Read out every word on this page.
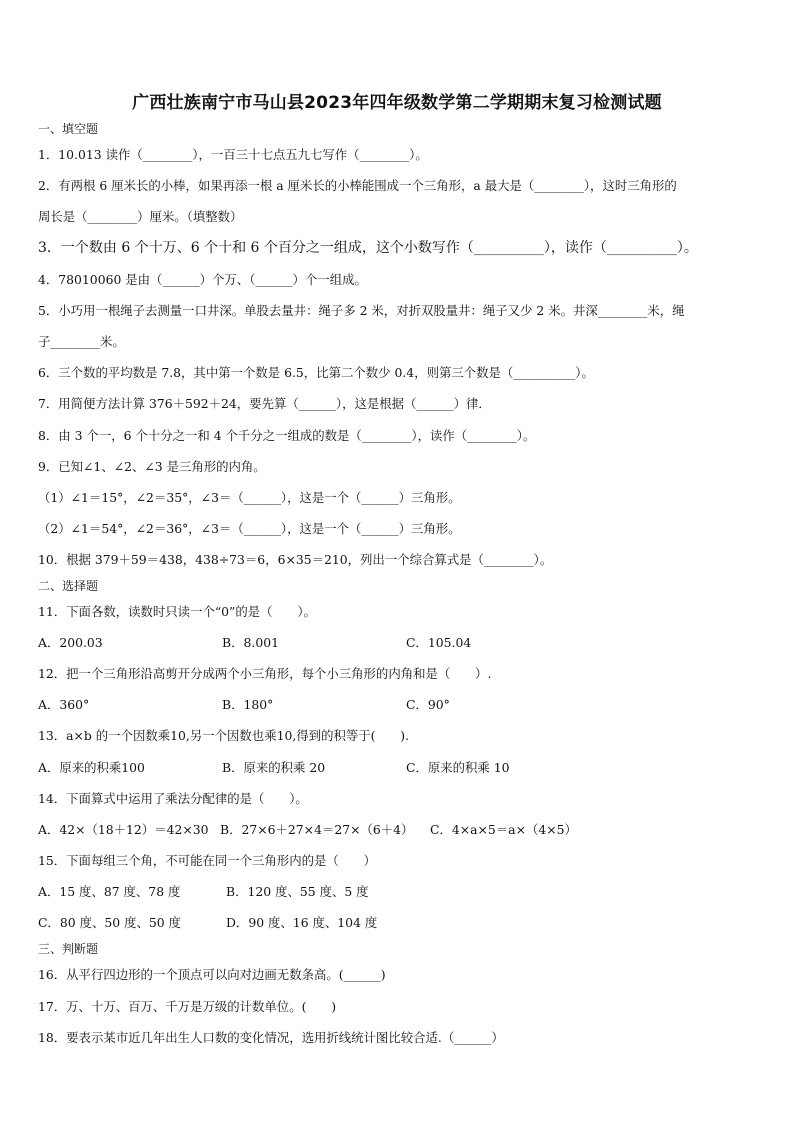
广西壮族南宁市马山县2023年四年级数学第二学期期末复习检测试题
一、填空题
1．10.013 读作（________），一百三十七点五九七写作（________）。
2．有两根 6 厘米长的小棒，如果再添一根 a 厘米长的小棒能围成一个三角形，a 最大是（________），这时三角形的
周长是（________）厘米。（填整数）
3．一个数由 6 个十万、6 个十和 6 个百分之一组成，这个小数写作（__________），读作（__________）。
4．78010060 是由（______）个万、（______）个一组成。
5．小巧用一根绳子去测量一口井深。单股去量井：绳子多 2 米，对折双股量井：绳子又少 2 米。井深________米，绳
子________米。
6．三个数的平均数是 7.8，其中第一个数是 6.5，比第二个数少 0.4，则第三个数是（__________）。
7．用简便方法计算 376＋592＋24，要先算（______），这是根据（______）律．
8．由 3 个一，6 个十分之一和 4 个千分之一组成的数是（________），读作（________）。
9．已知∠1、∠2、∠3 是三角形的内角。
（1）∠1＝15°，∠2＝35°，∠3＝（______），这是一个（______）三角形。
（2）∠1＝54°，∠2＝36°，∠3＝（______），这是一个（______）三角形。
10．根据 379＋59＝438，438÷73＝6，6×35＝210，列出一个综合算式是（________）。
二、选择题
11．下面各数，读数时只读一个“0”的是（　　）。
A．200.03	B．8.001	C．105.04
12．把一个三角形沿高剪开分成两个小三角形，每个小三角形的内角和是（　　）.
A．360°	B．180°	C．90°
13．a×b 的一个因数乘10,另一个因数也乘10,得到的积等于(　　).
A．原来的积乘100	B．原来的积乘 20	C．原来的积乘 10
14．下面算式中运用了乘法分配律的是（　　）。
A．42×（18＋12）＝42×30 B．27×6＋27×4＝27×（6＋4） C．4×a×5＝a×（4×5）
15．下面每组三个角，不可能在同一个三角形内的是（　　）
A．15 度、87 度、78 度	B．120 度、55 度、5 度
C．80 度、50 度、50 度	D．90 度、16 度、104 度
三、判断题
16．从平行四边形的一个顶点可以向对边画无数条高。(______)
17．万、十万、百万、千万是万级的计数单位。(　　)
18．要表示某市近几年出生人口数的变化情况，选用折线统计图比较合适.（______）
